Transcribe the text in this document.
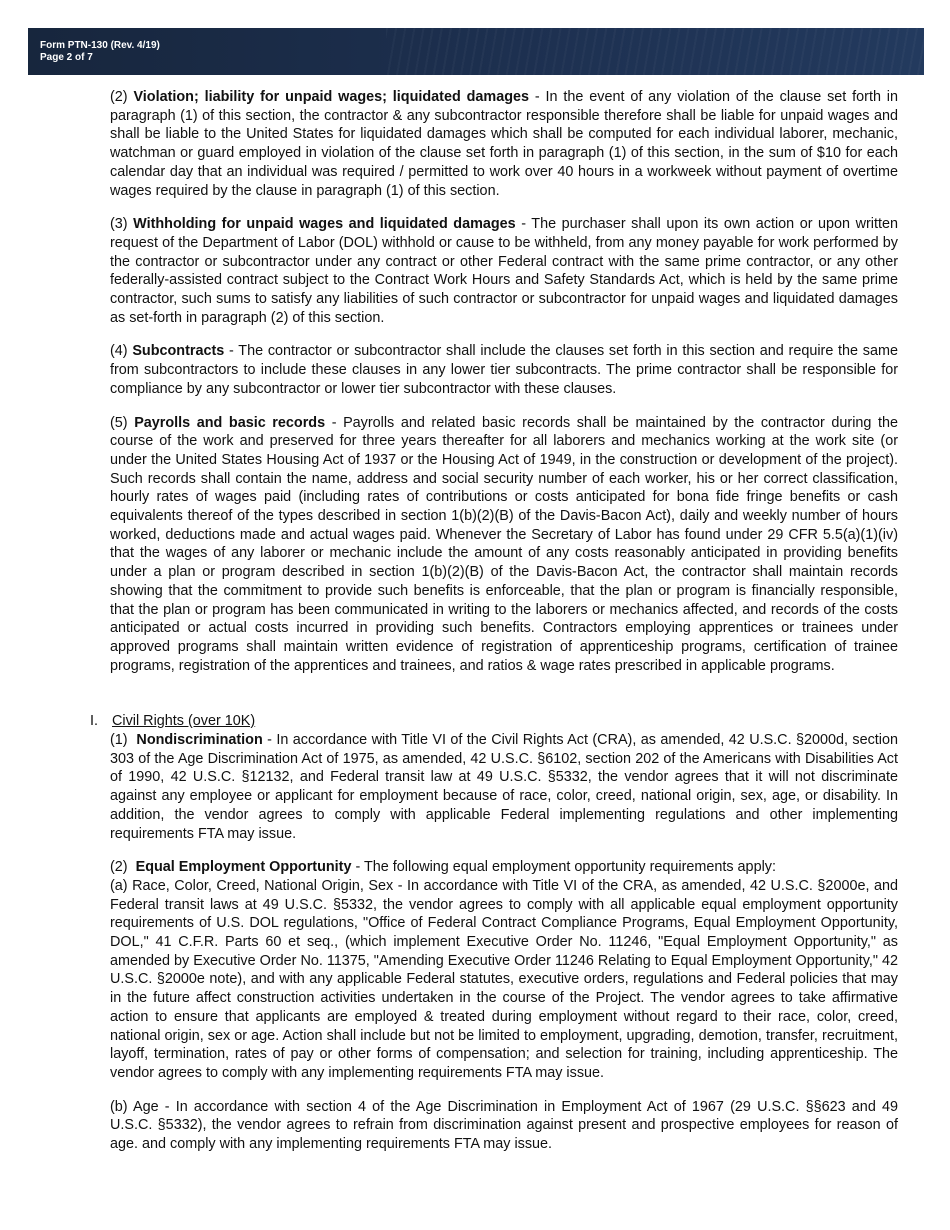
Form PTN-130 (Rev. 4/19)
Page 2 of 7

(2) Violation; liability for unpaid wages; liquidated damages - In the event of any violation of the clause set forth in paragraph (1) of this section, the contractor & any subcontractor responsible therefore shall be liable for unpaid wages and shall be liable to the United States for liquidated damages which shall be computed for each individual laborer, mechanic, watchman or guard employed in violation of the clause set forth in paragraph (1) of this section, in the sum of $10 for each calendar day that an individual was required / permitted to work over 40 hours in a workweek without payment of overtime wages required by the clause in paragraph (1) of this section.

(3) Withholding for unpaid wages and liquidated damages - The purchaser shall upon its own action or upon written request of the Department of Labor (DOL) withhold or cause to be withheld, from any money payable for work performed by the contractor or subcontractor under any contract or other Federal contract with the same prime contractor, or any other federally-assisted contract subject to the Contract Work Hours and Safety Standards Act, which is held by the same prime contractor, such sums to satisfy any liabilities of such contractor or subcontractor for unpaid wages and liquidated damages as set-forth in paragraph (2) of this section.

(4) Subcontracts - The contractor or subcontractor shall include the clauses set forth in this section and require the same from subcontractors to include these clauses in any lower tier subcontracts. The prime contractor shall be responsible for compliance by any subcontractor or lower tier subcontractor with these clauses.

(5) Payrolls and basic records - Payrolls and related basic records shall be maintained by the contractor during the course of the work and preserved for three years thereafter for all laborers and mechanics working at the work site (or under the United States Housing Act of 1937 or the Housing Act of 1949, in the construction or development of the project). Such records shall contain the name, address and social security number of each worker, his or her correct classification, hourly rates of wages paid (including rates of contributions or costs anticipated for bona fide fringe benefits or cash equivalents thereof of the types described in section 1(b)(2)(B) of the Davis-Bacon Act), daily and weekly number of hours worked, deductions made and actual wages paid. Whenever the Secretary of Labor has found under 29 CFR 5.5(a)(1)(iv) that the wages of any laborer or mechanic include the amount of any costs reasonably anticipated in providing benefits under a plan or program described in section 1(b)(2)(B) of the Davis-Bacon Act, the contractor shall maintain records showing that the commitment to provide such benefits is enforceable, that the plan or program is financially responsible, that the plan or program has been communicated in writing to the laborers or mechanics affected, and records of the costs anticipated or actual costs incurred in providing such benefits. Contractors employing apprentices or trainees under approved programs shall maintain written evidence of registration of apprenticeship programs, certification of trainee programs, registration of the apprentices and trainees, and ratios & wage rates prescribed in applicable programs.

I. Civil Rights (over 10K)

(1) Nondiscrimination - In accordance with Title VI of the Civil Rights Act (CRA), as amended, 42 U.S.C. §2000d, section 303 of the Age Discrimination Act of 1975, as amended, 42 U.S.C. §6102, section 202 of the Americans with Disabilities Act of 1990, 42 U.S.C. §12132, and Federal transit law at 49 U.S.C. §5332, the vendor agrees that it will not discriminate against any employee or applicant for employment because of race, color, creed, national origin, sex, age, or disability. In addition, the vendor agrees to comply with applicable Federal implementing regulations and other implementing requirements FTA may issue.

(2) Equal Employment Opportunity - The following equal employment opportunity requirements apply:

(a) Race, Color, Creed, National Origin, Sex - In accordance with Title VI of the CRA, as amended, 42 U.S.C. §2000e, and Federal transit laws at 49 U.S.C. §5332, the vendor agrees to comply with all applicable equal employment opportunity requirements of U.S. DOL regulations, "Office of Federal Contract Compliance Programs, Equal Employment Opportunity, DOL," 41 C.F.R. Parts 60 et seq., (which implement Executive Order No. 11246, "Equal Employment Opportunity," as amended by Executive Order No. 11375, "Amending Executive Order 11246 Relating to Equal Employment Opportunity," 42 U.S.C. §2000e note), and with any applicable Federal statutes, executive orders, regulations and Federal policies that may in the future affect construction activities undertaken in the course of the Project. The vendor agrees to take affirmative action to ensure that applicants are employed & treated during employment without regard to their race, color, creed, national origin, sex or age. Action shall include but not be limited to employment, upgrading, demotion, transfer, recruitment, layoff, termination, rates of pay or other forms of compensation; and selection for training, including apprenticeship. The vendor agrees to comply with any implementing requirements FTA may issue.

(b) Age - In accordance with section 4 of the Age Discrimination in Employment Act of 1967 (29 U.S.C. §§623 and 49 U.S.C. §5332), the vendor agrees to refrain from discrimination against present and prospective employees for reason of age. and comply with any implementing requirements FTA may issue.
